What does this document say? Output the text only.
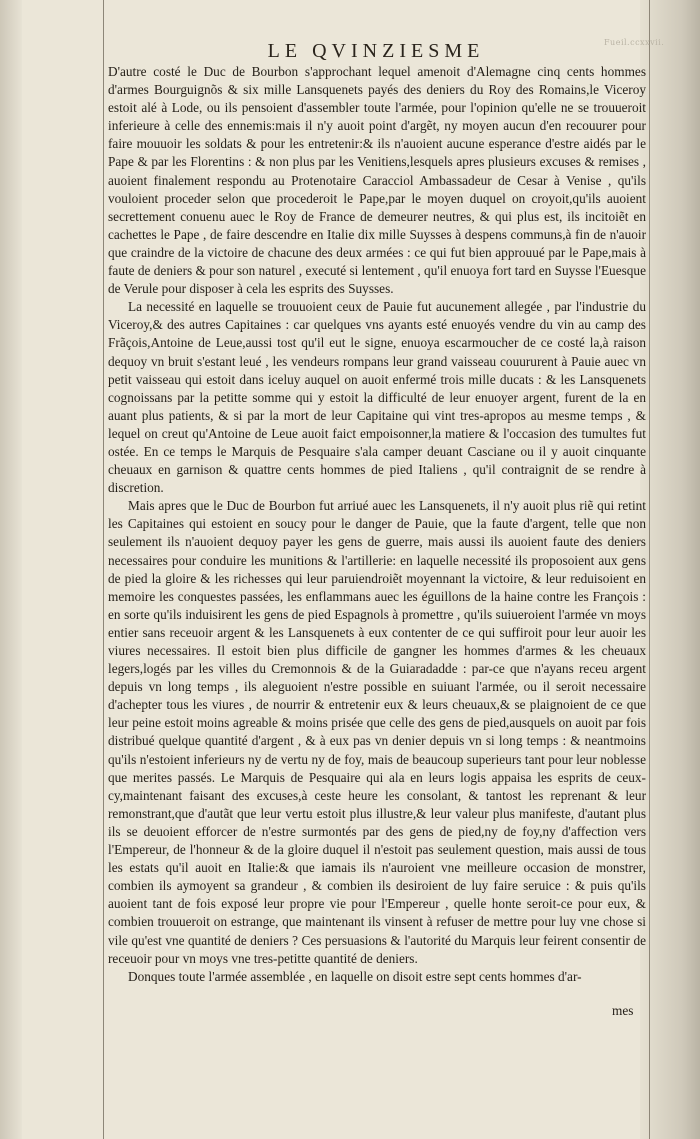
Fueil.ccxxvii.
LE QVINZIESME

D'autre costé le Duc de Bourbon s'approchant lequel amenoit d'Alemagne cinq cents hommes d'armes Bourguignõs & six mille Lansquenets payés des deniers du Roy des Romains,le Viceroy estoit alé à Lode, ou ils pensoient d'assembler toute l'armée, pour l'opinion qu'elle ne se trouueroit inferieure à celle des ennemis:mais il n'y auoit point d'argẽt, ny moyen aucun d'en recouurer pour faire mouuoir les soldats & pour les entretenir:& ils n'auoient aucune esperance d'estre aidés par le Pape & par les Florentins : & non plus par les Venitiens,lesquels apres plusieurs excuses & remises , auoient finalement respondu au Protenotaire Caracciol Ambassadeur de Cesar à Venise , qu'ils vouloient proceder selon que procederoit le Pape,par le moyen duquel on croyoit,qu'ils auoient secrettement conuenu auec le Roy de France de demeurer neutres, & qui plus est, ils incitoiẽt en cachettes le Pape , de faire descendre en Italie dix mille Suysses à despens communs,à fin de n'auoir que craindre de la victoire de chacune des deux armées : ce qui fut bien approuué par le Pape,mais à faute de deniers & pour son naturel , executé si lentement , qu'il enuoya fort tard en Suysse l'Euesque de Verule pour disposer à cela les esprits des Suysses.

La necessité en laquelle se trouuoient ceux de Pauie fut aucunement allegée , par l'industrie du Viceroy,& des autres Capitaines : car quelques vns ayants esté enuoyés vendre du vin au camp des Frãçois,Antoine de Leue,aussi tost qu'il eut le signe, enuoya escarmoucher de ce costé la,à raison dequoy vn bruit s'estant leué , les vendeurs rompans leur grand vaisseau couururent à Pauie auec vn petit vaisseau qui estoit dans iceluy auquel on auoit enfermé trois mille ducats : & les Lansquenets cognoissans par la petitte somme qui y estoit la difficulté de leur enuoyer argent, furent de la en auant plus patients, & si par la mort de leur Capitaine qui vint tres-apropos au mesme temps , & lequel on creut qu'Antoine de Leue auoit faict empoisonner,la matiere & l'occasion des tumultes fut ostée. En ce temps le Marquis de Pesquaire s'ala camper deuant Casciane ou il y auoit cinquante cheuaux en garnison & quattre cents hommes de pied Italiens , qu'il contraignit de se rendre à discretion.

Mais apres que le Duc de Bourbon fut arriué auec les Lansquenets, il n'y auoit plus riẽ qui retint les Capitaines qui estoient en soucy pour le danger de Pauie, que la faute d'argent, telle que non seulement ils n'auoient dequoy payer les gens de guerre, mais aussi ils auoient faute des deniers necessaires pour conduire les munitions & l'artillerie: en laquelle necessité ils proposoient aux gens de pied la gloire & les richesses qui leur paruiendroiẽt moyennant la victoire, & leur reduisoient en memoire les conquestes passées, les enflammans auec les éguillons de la haine contre les François : en sorte qu'ils induisirent les gens de pied Espagnols à promettre , qu'ils suiueroient l'armée vn moys entier sans receuoir argent & les Lansquenets à eux contenter de ce qui suffiroit pour leur auoir les viures necessaires. Il estoit bien plus difficile de gangner les hommes d'armes & les cheuaux legers,logés par les villes du Cremonnois & de la Guiaradadde : par-ce que n'ayans receu argent depuis vn long temps , ils aleguoient n'estre possible en suiuant l'armée, ou il seroit necessaire d'achepter tous les viures , de nourrir & entretenir eux & leurs cheuaux,& se plaignoient de ce que leur peine estoit moins agreable & moins prisée que celle des gens de pied,ausquels on auoit par fois distribué quelque quantité d'argent , & à eux pas vn denier depuis vn si long temps : & neantmoins qu'ils n'estoient inferieurs ny de vertu ny de foy, mais de beaucoup superieurs tant pour leur noblesse que merites passés. Le Marquis de Pesquaire qui ala en leurs logis appaisa les esprits de ceux-cy,maintenant faisant des excuses,à ceste heure les consolant, & tantost les reprenant & leur remonstrant,que d'autãt que leur vertu estoit plus illustre,& leur valeur plus manifeste, d'autant plus ils se deuoient efforcer de n'estre surmontés par des gens de pied,ny de foy,ny d'affection vers l'Empereur, de l'honneur & de la gloire duquel il n'estoit pas seulement question, mais aussi de tous les estats qu'il auoit en Italie:& que iamais ils n'auroient vne meilleure occasion de monstrer, combien ils aymoyent sa grandeur , & combien ils desiroient de luy faire seruice : & puis qu'ils auoient tant de fois exposé leur propre vie pour l'Empereur , quelle honte seroit-ce pour eux, & combien trouueroit on estrange, que maintenant ils vinsent à refuser de mettre pour luy vne chose si vile qu'est vne quantité de deniers ? Ces persuasions & l'autorité du Marquis leur feirent consentir de receuoir pour vn moys vne tres-petitte quantité de deniers.

Donques toute l'armée assemblée , en laquelle on disoit estre sept cents hommes d'ar-

mes
